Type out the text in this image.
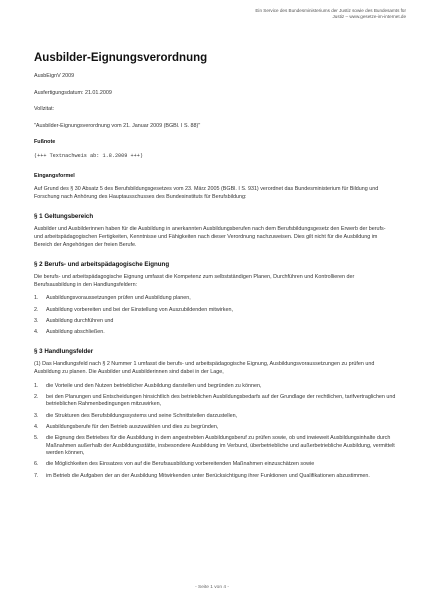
Ein Service des Bundesministeriums der Justiz sowie des Bundesamts für
Justiz ‒ www.gesetze-im-internet.de
Ausbilder-Eignungsverordnung

AusbEignV 2009

Ausfertigungsdatum: 21.01.2009

Vollzitat:

"Ausbilder-Eignungsverordnung vom 21. Januar 2009 (BGBl. I S. 88)"

Fußnote

(+++ Textnachweis ab: 1.8.2009 +++)

Eingangsformel

Auf Grund des § 30 Absatz 5 des Berufsbildungsgesetzes vom 23. März 2005 (BGBl. I S. 931) verordnet das Bundesministerium für Bildung und Forschung nach Anhörung des Hauptausschusses des Bundesinstituts für Berufsbildung:

§ 1 Geltungsbereich

Ausbilder und Ausbilderinnen haben für die Ausbildung in anerkannten Ausbildungsberufen nach dem Berufsbildungsgesetz den Erwerb der berufs- und arbeitspädagogischen Fertigkeiten, Kenntnisse und Fähigkeiten nach dieser Verordnung nachzuweisen. Dies gilt nicht für die Ausbildung im Bereich der Angehörigen der freien Berufe.

§ 2 Berufs- und arbeitspädagogische Eignung

Die berufs- und arbeitspädagogische Eignung umfasst die Kompetenz zum selbstständigen Planen, Durchführen und Kontrollieren der Berufsausbildung in den Handlungsfeldern:

1.	Ausbildungsvoraussetzungen prüfen und Ausbildung planen,
2.	Ausbildung vorbereiten und bei der Einstellung von Auszubildenden mitwirken,
3.	Ausbildung durchführen und
4.	Ausbildung abschließen.

§ 3 Handlungsfelder

(1) Das Handlungsfeld nach § 2 Nummer 1 umfasst die berufs- und arbeitspädagogische Eignung, Ausbildungsvoraussetzungen zu prüfen und Ausbildung zu planen. Die Ausbilder und Ausbilderinnen sind dabei in der Lage,

1.	die Vorteile und den Nutzen betrieblicher Ausbildung darstellen und begründen zu können,
2.	bei den Planungen und Entscheidungen hinsichtlich des betrieblichen Ausbildungsbedarfs auf der Grundlage der rechtlichen, tarifvertraglichen und betrieblichen Rahmenbedingungen mitzuwirken,
3.	die Strukturen des Berufsbildungssystems und seine Schnittstellen darzustellen,
4.	Ausbildungsberufe für den Betrieb auszuwählen und dies zu begründen,
5.	die Eignung des Betriebes für die Ausbildung in dem angestrebten Ausbildungsberuf zu prüfen sowie, ob und inwieweit Ausbildungsinhalte durch Maßnahmen außerhalb der Ausbildungsstätte, insbesondere Ausbildung im Verbund, überbetriebliche und außerbetriebliche Ausbildung, vermittelt werden können,
6.	die Möglichkeiten des Einsatzes von auf die Berufsausbildung vorbereitenden Maßnahmen einzuschätzen sowie
7.	im Betrieb die Aufgaben der an der Ausbildung Mitwirkenden unter Berücksichtigung ihrer Funktionen und Qualifikationen abzustimmen.
- Seite 1 von 4 -
